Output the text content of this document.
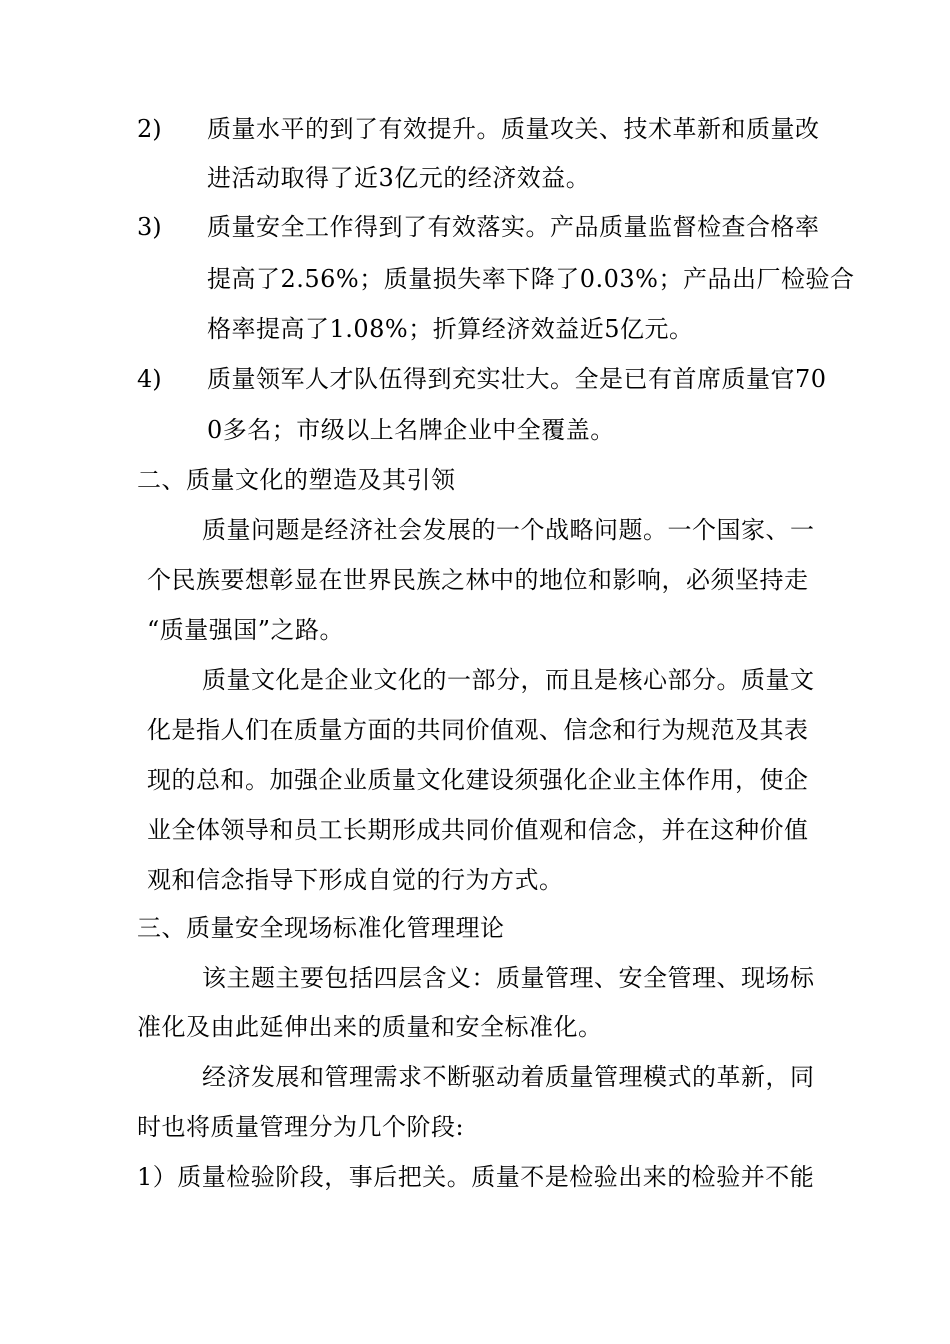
2) 质量水平的到了有效提升。质量攻关、技术革新和质量改
进活动取得了近3亿元的经济效益。
3) 质量安全工作得到了有效落实。产品质量监督检查合格率
提高了2.56%；质量损失率下降了0.03%；产品出厂检验合
格率提高了1.08%；折算经济效益近5亿元。
4) 质量领军人才队伍得到充实壮大。全是已有首席质量官70
0多名；市级以上名牌企业中全覆盖。
二、质量文化的塑造及其引领
质量问题是经济社会发展的一个战略问题。一个国家、一
个民族要想彰显在世界民族之林中的地位和影响，必须坚持走
“质量强国”之路。
质量文化是企业文化的一部分，而且是核心部分。质量文
化是指人们在质量方面的共同价值观、信念和行为规范及其表
现的总和。加强企业质量文化建设须强化企业主体作用，使企
业全体领导和员工长期形成共同价值观和信念，并在这种价值
观和信念指导下形成自觉的行为方式。
三、质量安全现场标准化管理理论
该主题主要包括四层含义：质量管理、安全管理、现场标
准化及由此延伸出来的质量和安全标准化。
经济发展和管理需求不断驱动着质量管理模式的革新，同
时也将质量管理分为几个阶段:
1）质量检验阶段，事后把关。质量不是检验出来的检验并不能
